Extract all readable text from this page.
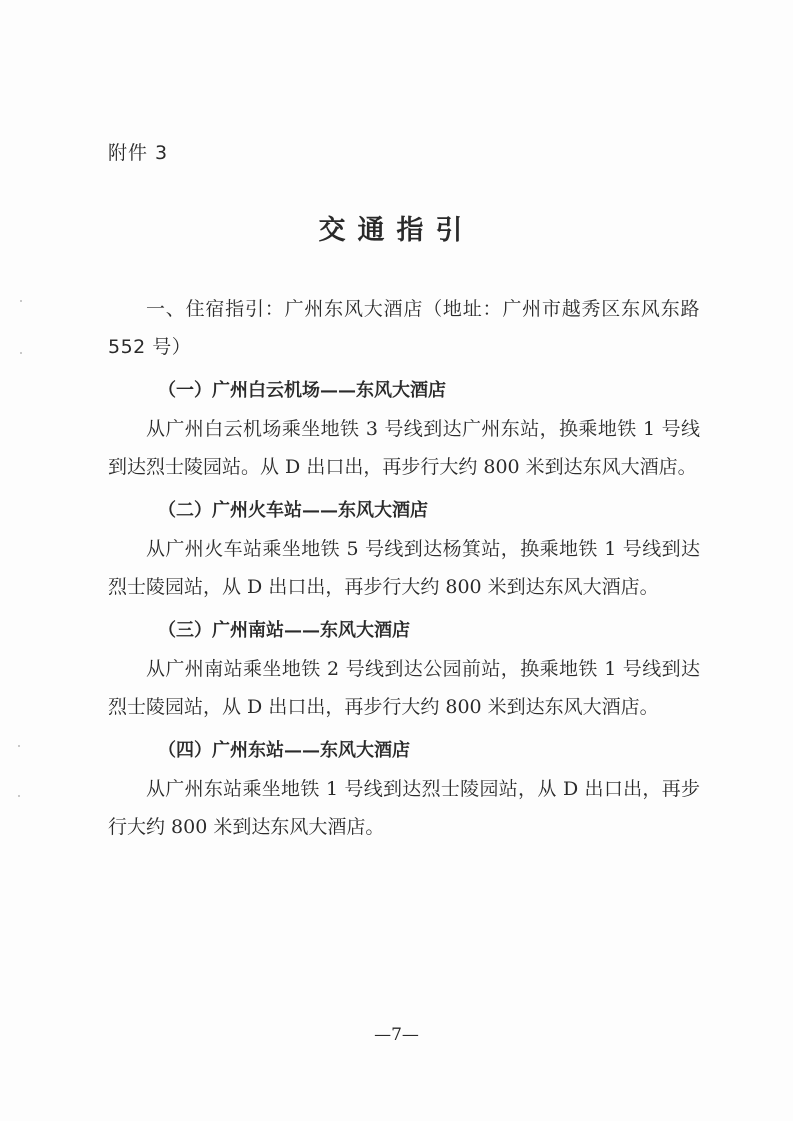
附件 3
交通指引

一、住宿指引：广州东风大酒店（地址：广州市越秀区东风东路 552 号）

（一）广州白云机场——东风大酒店

从广州白云机场乘坐地铁 3 号线到达广州东站，换乘地铁 1 号线到达烈士陵园站。从 D 出口出，再步行大约 800 米到达东风大酒店。

（二）广州火车站——东风大酒店

从广州火车站乘坐地铁 5 号线到达杨箕站，换乘地铁 1 号线到达烈士陵园站，从 D 出口出，再步行大约 800 米到达东风大酒店。

（三）广州南站——东风大酒店

从广州南站乘坐地铁 2 号线到达公园前站，换乘地铁 1 号线到达烈士陵园站，从 D 出口出，再步行大约 800 米到达东风大酒店。

（四）广州东站——东风大酒店

从广州东站乘坐地铁 1 号线到达烈士陵园站，从 D 出口出，再步行大约 800 米到达东风大酒店。

—7—
